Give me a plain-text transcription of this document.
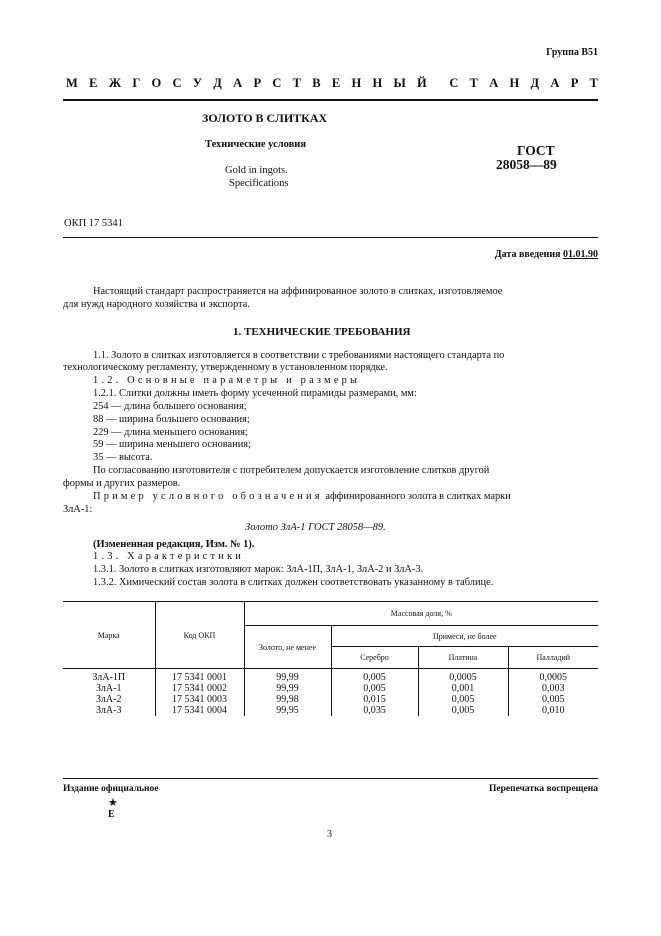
Группа В51
М Е Ж Г О С У Д А Р С Т В Е Н Н Ы Й С Т А Н Д А Р Т
ЗОЛОТО В СЛИТКАХ
Технические условия
Gold in ingots.
Specifications
ГОСТ
28058—89
ОКП 17 5341
Дата введения 01.01.90
Настоящий стандарт распространяется на аффинированное золото в слитках, изготовляемое
для нужд народного хозяйства и экспорта.
1. ТЕХНИЧЕСКИЕ ТРЕБОВАНИЯ
1.1. Золото в слитках изготовляется в соответствии с требованиями настоящего стандарта по
технологическому регламенту, утвержденному в установленном порядке.
1.2. Основные параметры и размеры
1.2.1. Слитки должны иметь форму усеченной пирамиды размерами, мм:
254 — длина большего основания;
88 — ширина большего основания;
229 — длина меньшего основания;
59 — ширина меньшего основания;
35 — высота.
По согласованию изготовителя с потребителем допускается изготовление слитков другой
формы и других размеров.
Пример условного обозначения аффинированного золота в слитках марки
ЗлА-1:
Золото ЗлА-1 ГОСТ 28058—89.
(Измененная редакция, Изм. № 1).
1.3. Характеристики
1.3.1. Золото в слитках изготовляют марок: ЗлА-1П, ЗлА-1, ЗлА-2 и ЗлА-3.
1.3.2. Химический состав золота в слитках должен соответствовать указанному в таблице.
Марка	Код ОКП	Массовая доля, %			
		Золото, не менее	Примеси, не более		
			Серебро	Платина	Палладий
ЗлА-1П	17 5341 0001	99,99	0,005	0,0005	0,0005
ЗлА-1	17 5341 0002	99,99	0,005	0,001	0,003
ЗлА-2	17 5341 0003	99,98	0,015	0,005	0,005
ЗлА-3	17 5341 0004	99,95	0,035	0,005	0,010
Издание официальное	Перепечатка воспрещена
★
Е
3
